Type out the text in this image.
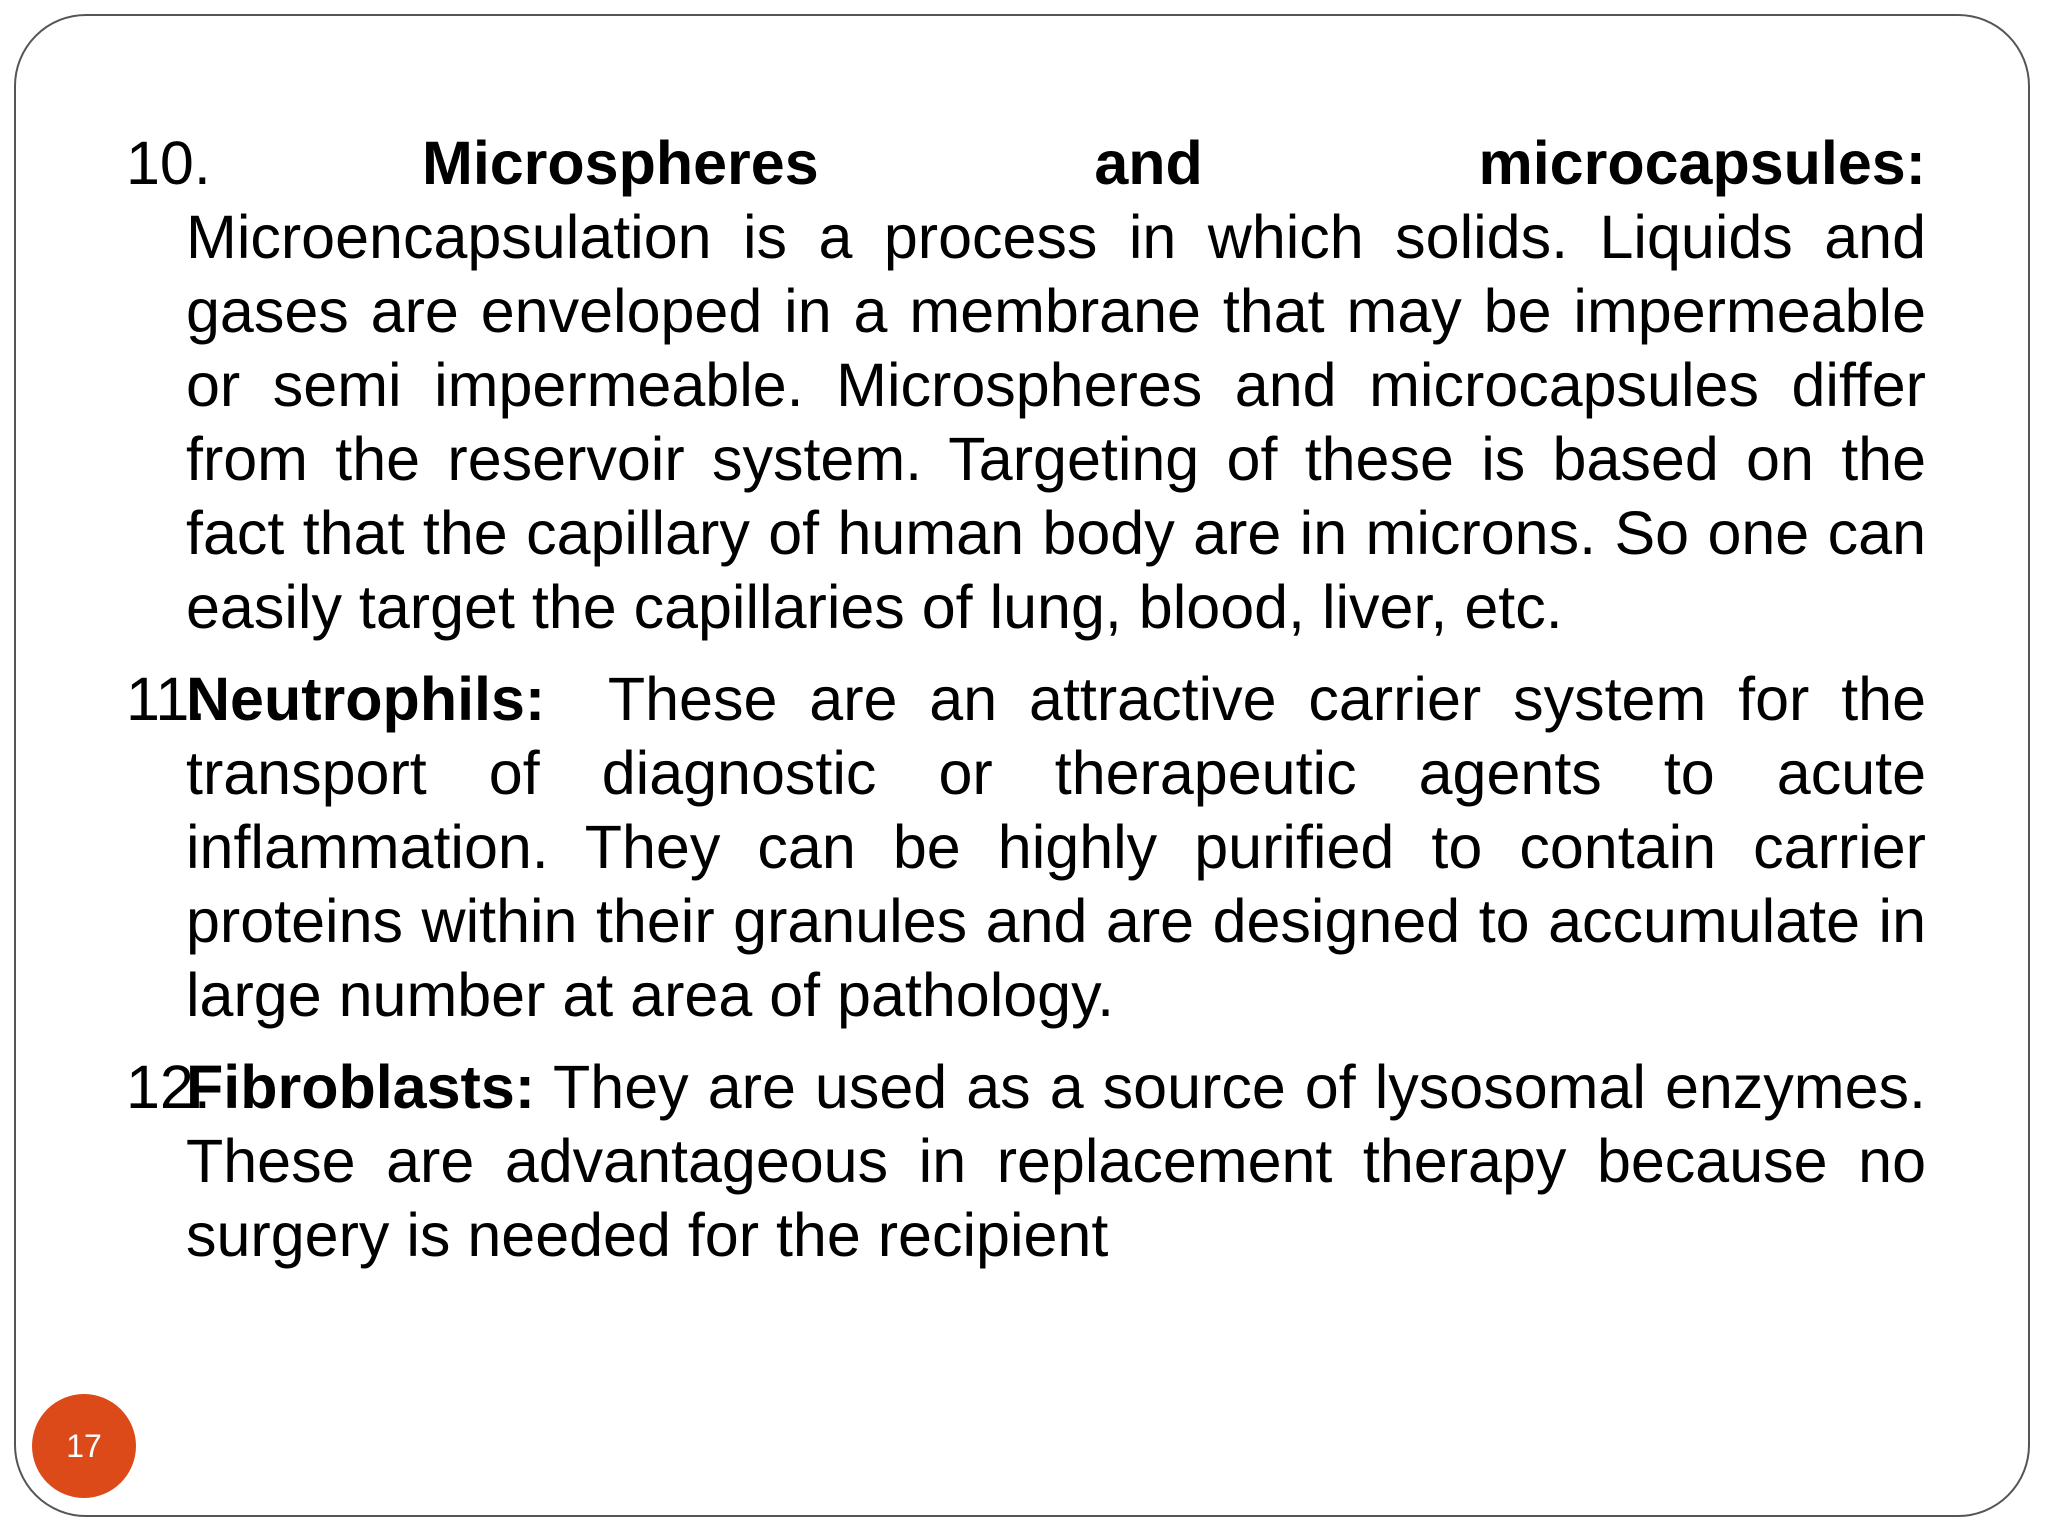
10.	Microspheres and microcapsules:
Microencapsulation is a process in which solids. Liquids and gases are enveloped in a membrane that may be impermeable or semi impermeable. Microspheres and microcapsules differ from the reservoir system. Targeting of these is based on the fact that the capillary of human body are in microns. So one can easily target the capillaries of lung, blood, liver, etc.
11.
Neutrophils: These are an attractive carrier system for the transport of diagnostic or therapeutic agents to acute inflammation. They can be highly purified to contain carrier proteins within their granules and are designed to accumulate in large number at area of pathology.
12.
Fibroblasts: They are used as a source of lysosomal enzymes. These are advantageous in replacement therapy because no surgery is needed for the recipient
17
